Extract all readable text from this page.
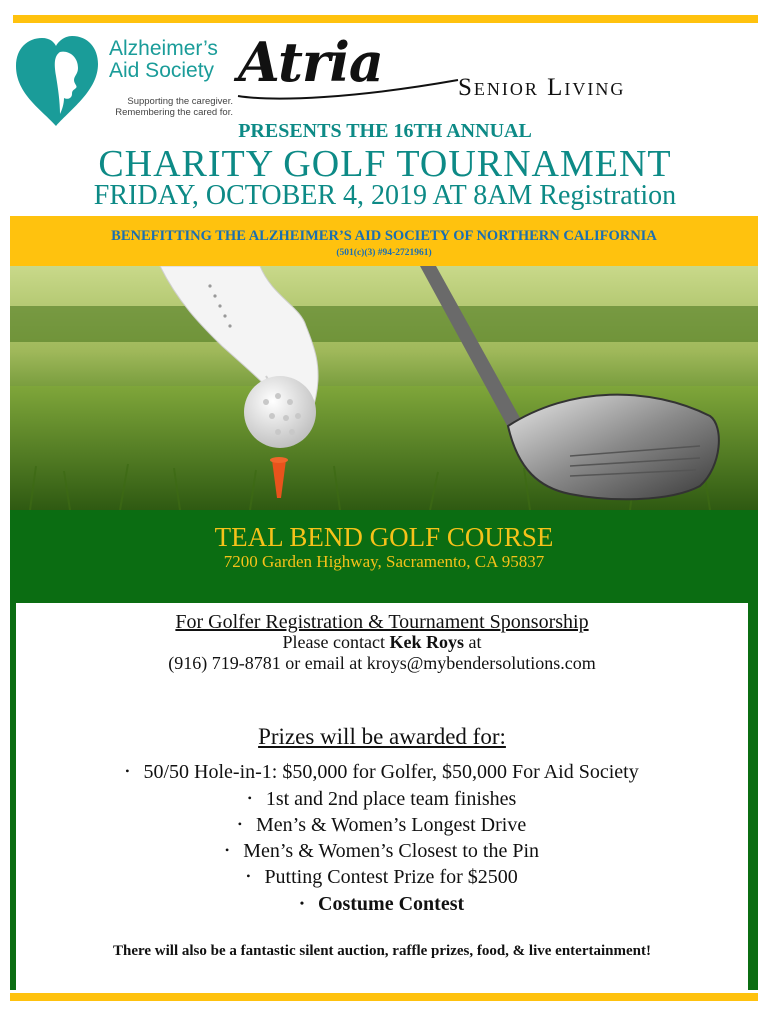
Alzheimer’s
Aid Society
Supporting the caregiver.
Remembering the cared for.
Atria	Senior Living
PRESENTS THE 16TH ANNUAL
CHARITY GOLF TOURNAMENT
FRIDAY, OCTOBER 4, 2019 AT 8AM Registration
BENEFITTING THE ALZHEIMER’S AID SOCIETY OF NORTHERN CALIFORNIA
(501(c)(3) #94-2721961)
TEAL BEND GOLF COURSE
7200 Garden Highway, Sacramento, CA 95837
For Golfer Registration & Tournament Sponsorship
Please contact Kek Roys at
(916) 719-8781 or email at kroys@mybendersolutions.com
Prizes will be awarded for:
• 50/50 Hole-in-1: $50,000 for Golfer, $50,000 For Aid Society
• 1st and 2nd place team finishes
• Men’s & Women’s Longest Drive
• Men’s & Women’s Closest to the Pin
• Putting Contest Prize for $2500
• Costume Contest
There will also be a fantastic silent auction, raffle prizes, food, & live entertainment!
